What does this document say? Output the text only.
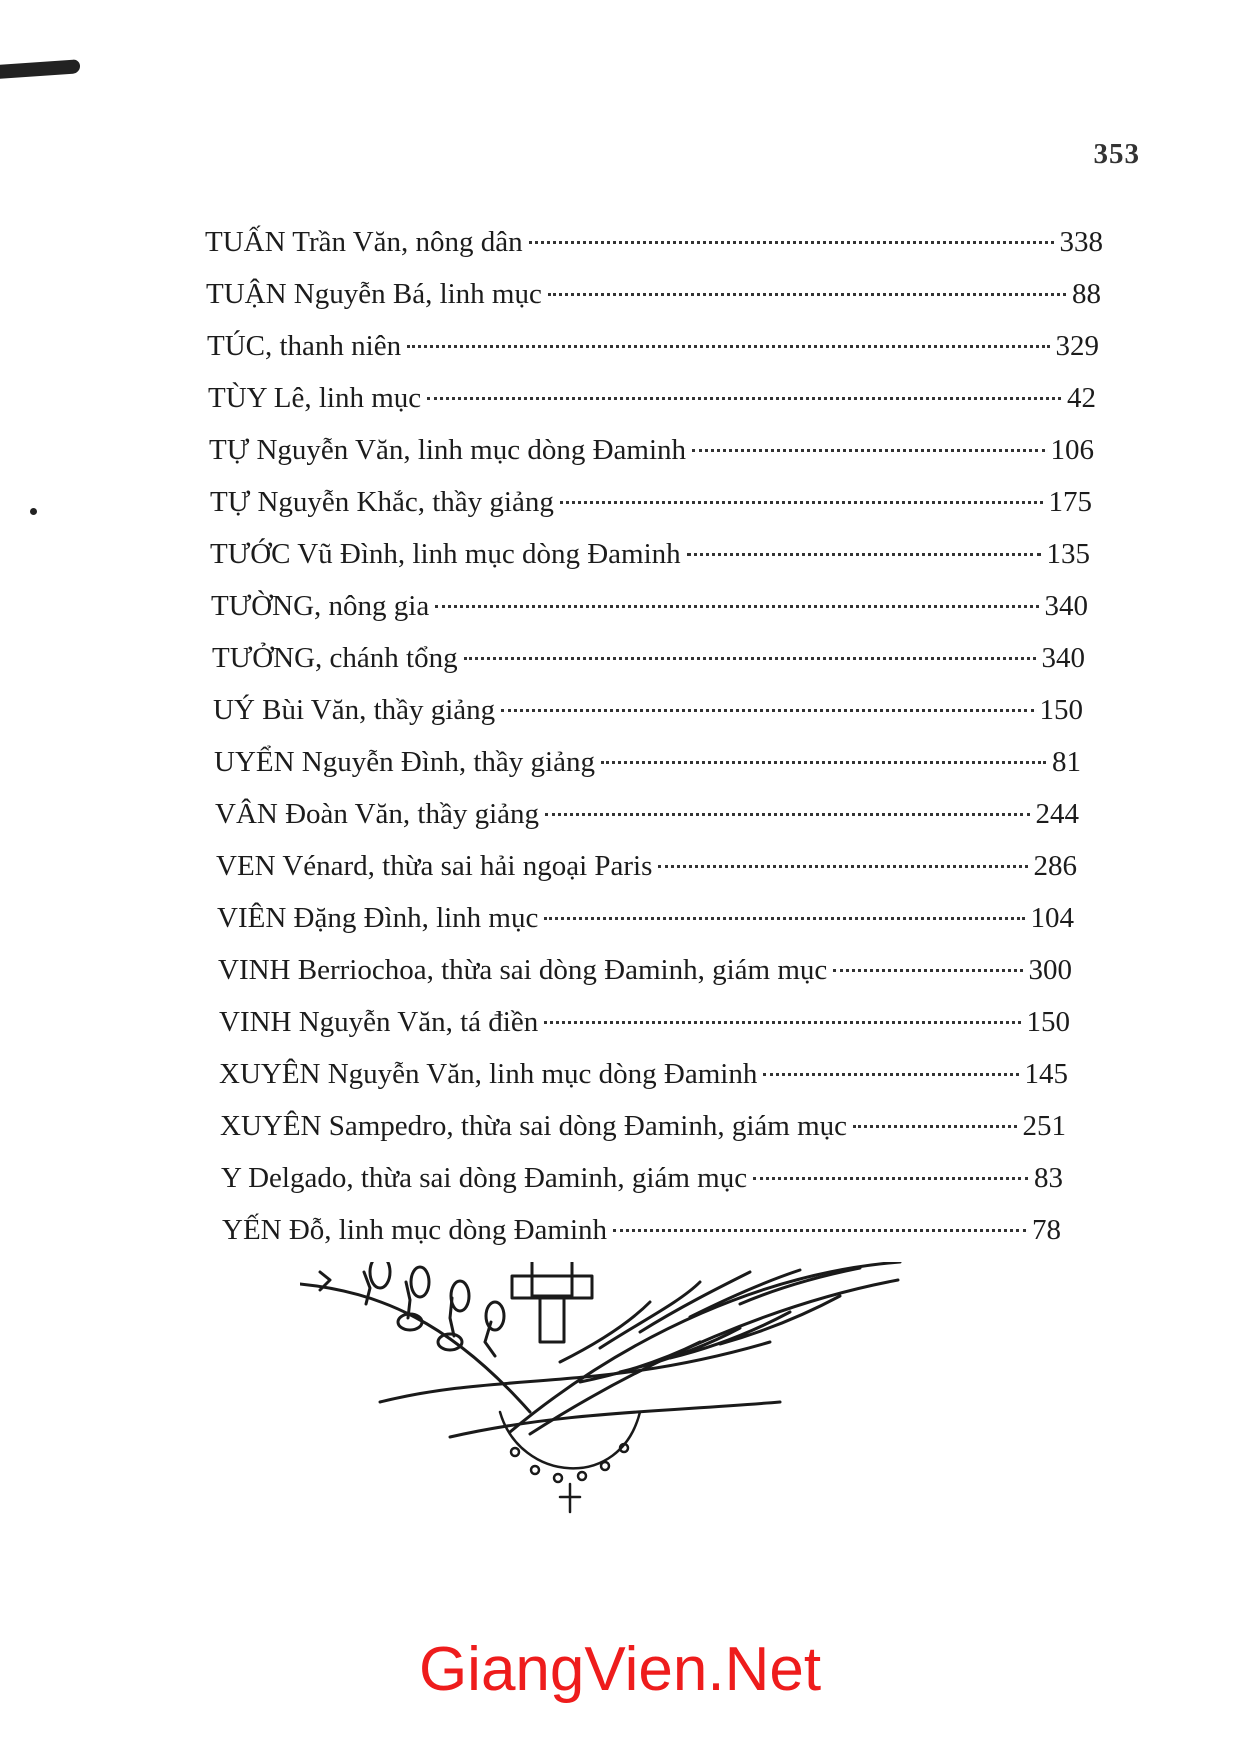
353
TUẤN Trần Văn, nông dân	338
TUẬN Nguyễn Bá, linh mục	88
TÚC, thanh niên	329
TÙY Lê, linh mục	42
TỰ Nguyễn Văn, linh mục dòng Đaminh	106
TỰ Nguyễn Khắc, thầy giảng	175
TƯỚC Vũ Đình, linh mục dòng Đaminh	135
TƯỜNG, nông gia	340
TƯỞNG, chánh tổng	340
UÝ Bùi Văn, thầy giảng	150
UYỂN Nguyễn Đình, thầy giảng	81
VÂN Đoàn Văn, thầy giảng	244
VEN Vénard, thừa sai hải ngoại Paris	286
VIÊN Đặng Đình, linh mục	104
VINH Berriochoa, thừa sai dòng Đaminh, giám mục	300
VINH Nguyễn Văn, tá điền	150
XUYÊN Nguyễn Văn, linh mục dòng Đaminh	145
XUYÊN Sampedro, thừa sai dòng Đaminh, giám mục	251
Y Delgado, thừa sai dòng Đaminh, giám mục	83
YẾN Đỗ, linh mục dòng Đaminh	78
GiangVien.Net
